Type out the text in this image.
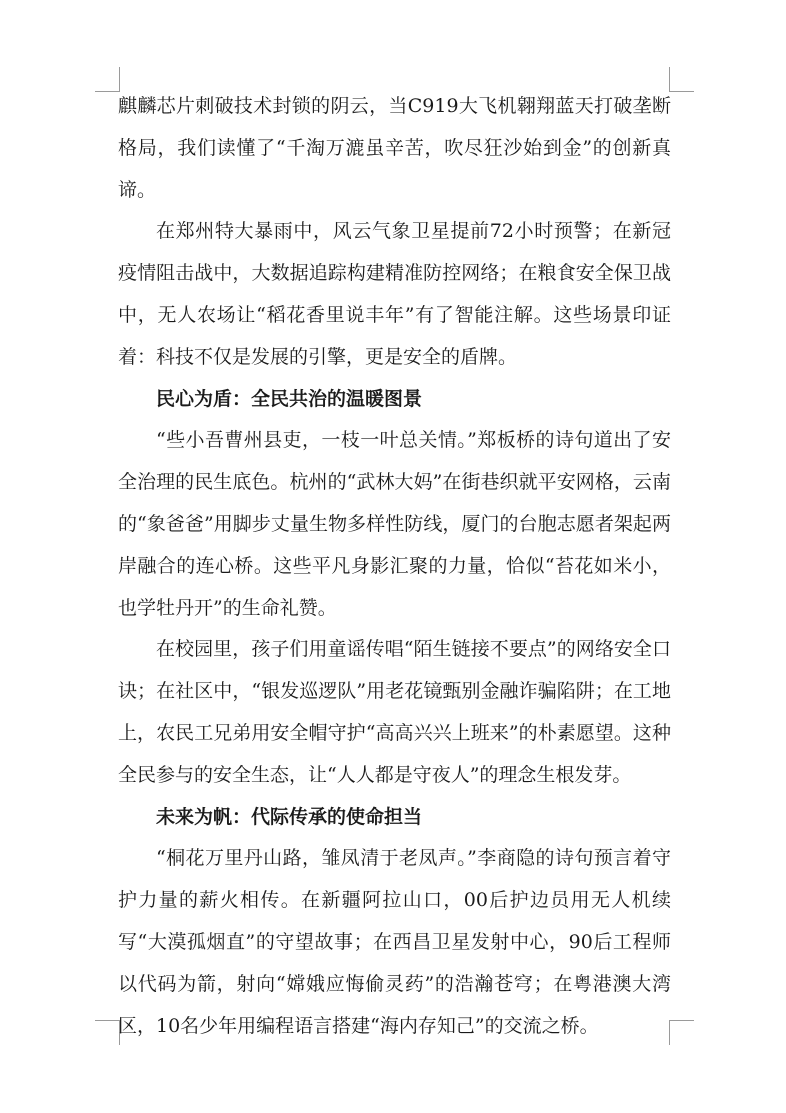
麒麟芯片刺破技术封锁的阴云，当C919大飞机翱翔蓝天打破垄断格局，我们读懂了“千淘万漉虽辛苦，吹尽狂沙始到金”的创新真谛。

在郑州特大暴雨中，风云气象卫星提前72小时预警；在新冠疫情阻击战中，大数据追踪构建精准防控网络；在粮食安全保卫战中，无人农场让“稻花香里说丰年”有了智能注解。这些场景印证着：科技不仅是发展的引擎，更是安全的盾牌。

民心为盾：全民共治的温暖图景

“些小吾曹州县吏，一枝一叶总关情。”郑板桥的诗句道出了安全治理的民生底色。杭州的“武林大妈”在街巷织就平安网格，云南的“象爸爸”用脚步丈量生物多样性防线，厦门的台胞志愿者架起两岸融合的连心桥。这些平凡身影汇聚的力量，恰似“苔花如米小，也学牡丹开”的生命礼赞。

在校园里，孩子们用童谣传唱“陌生链接不要点”的网络安全口诀；在社区中，“银发巡逻队”用老花镜甄别金融诈骗陷阱；在工地上，农民工兄弟用安全帽守护“高高兴兴上班来”的朴素愿望。这种全民参与的安全生态，让“人人都是守夜人”的理念生根发芽。

未来为帆：代际传承的使命担当

“桐花万里丹山路，雏凤清于老凤声。”李商隐的诗句预言着守护力量的薪火相传。在新疆阿拉山口，00后护边员用无人机续写“大漠孤烟直”的守望故事；在西昌卫星发射中心，90后工程师以代码为箭，射向“嫦娥应悔偷灵药”的浩瀚苍穹；在粤港澳大湾区，10名少年用编程语言搭建“海内存知己”的交流之桥。
